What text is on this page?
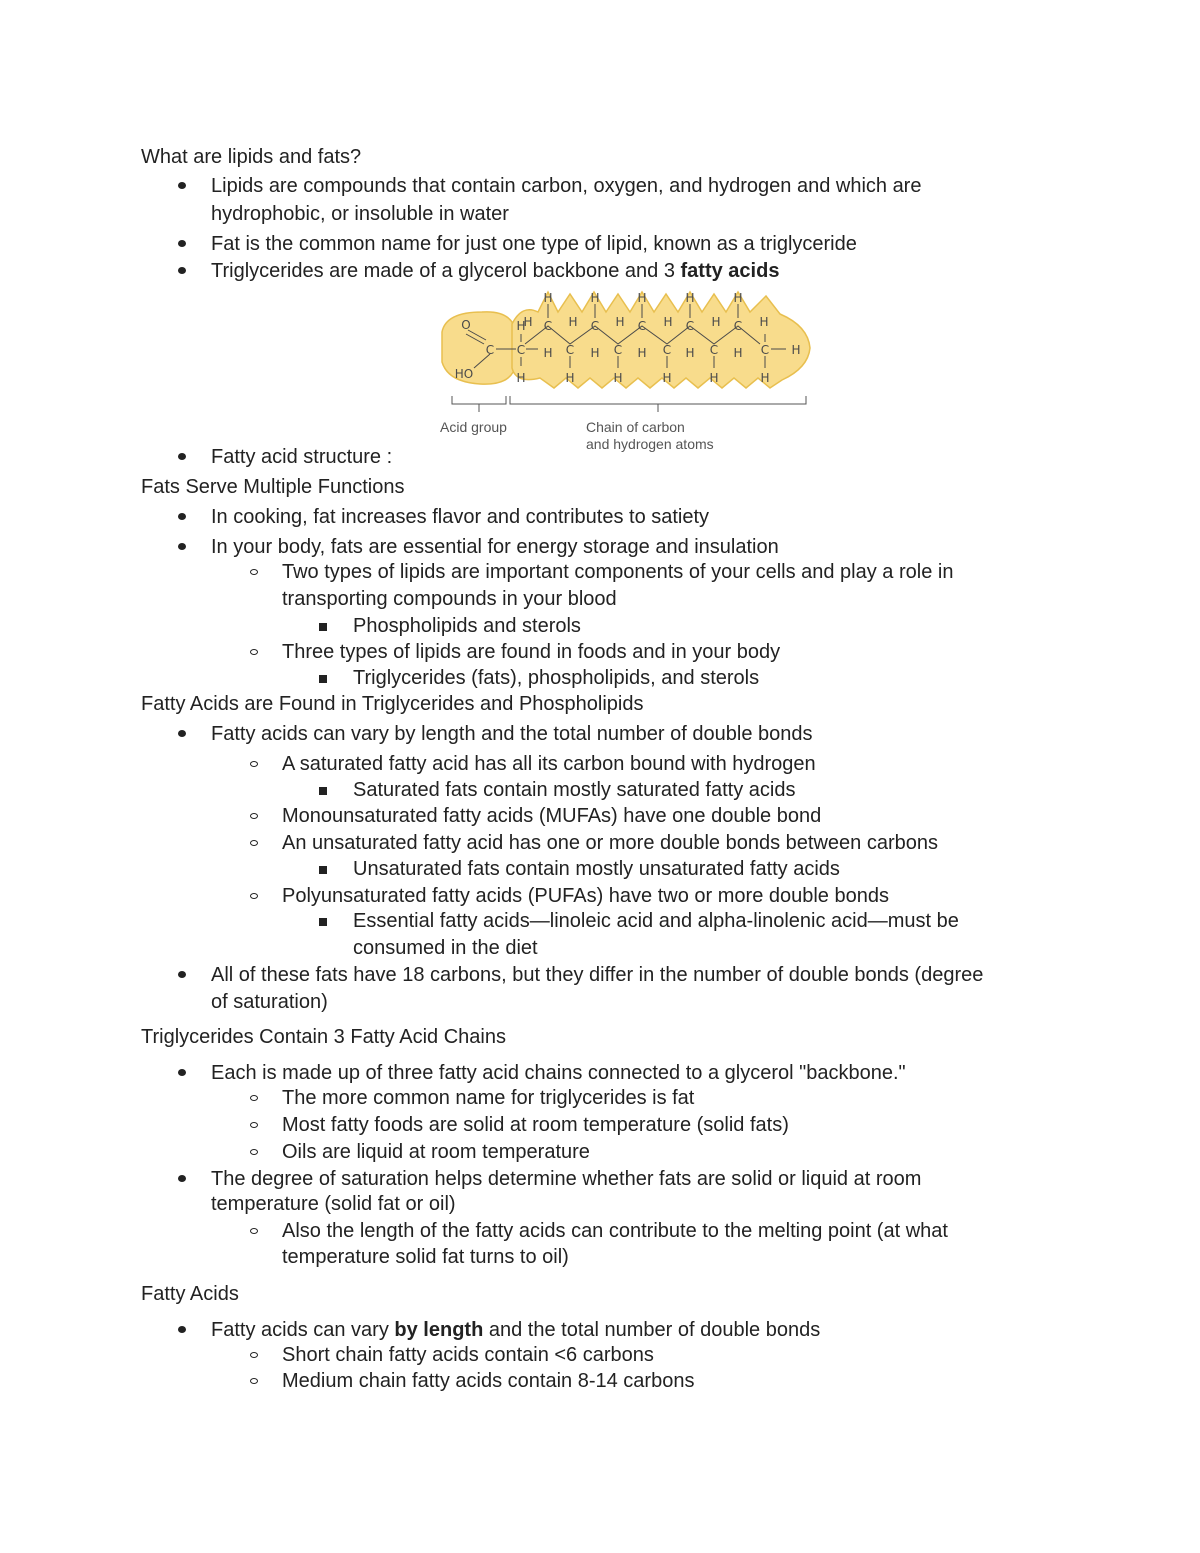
What are lipids and fats?
Lipids are compounds that contain carbon, oxygen, and hydrogen and which are
hydrophobic, or insoluble in water
Fat is the common name for just one type of lipid, known as a triglyceride
Triglycerides are made of a glycerol backbone and 3 fatty acids
O
C
HO
C
H
H
H	H	H	H	H
C	C	C	C	C
H	H	H	H	H	H
C	C	C	C	C
H	H	H	H	H
H	H	H	H	H
H
Acid group	Chain of carbon
and hydrogen atoms
Fatty acid structure :
Fats Serve Multiple Functions
In cooking, fat increases flavor and contributes to satiety
In your body, fats are essential for energy storage and insulation
Two types of lipids are important components of your cells and play a role in
transporting compounds in your blood
Phospholipids and sterols
Three types of lipids are found in foods and in your body
Triglycerides (fats), phospholipids, and sterols
Fatty Acids are Found in Triglycerides and Phospholipids
Fatty acids can vary by length and the total number of double bonds
A saturated fatty acid has all its carbon bound with hydrogen
Saturated fats contain mostly saturated fatty acids
Monounsaturated fatty acids (MUFAs) have one double bond
An unsaturated fatty acid has one or more double bonds between carbons
Unsaturated fats contain mostly unsaturated fatty acids
Polyunsaturated fatty acids (PUFAs) have two or more double bonds
Essential fatty acids—linoleic acid and alpha-linolenic acid—must be
consumed in the diet
All of these fats have 18 carbons, but they differ in the number of double bonds (degree
of saturation)
Triglycerides Contain 3 Fatty Acid Chains
Each is made up of three fatty acid chains connected to a glycerol "backbone."
The more common name for triglycerides is fat
Most fatty foods are solid at room temperature (solid fats)
Oils are liquid at room temperature
The degree of saturation helps determine whether fats are solid or liquid at room
temperature (solid fat or oil)
Also the length of the fatty acids can contribute to the melting point (at what
temperature solid fat turns to oil)
Fatty Acids
Fatty acids can vary by length and the total number of double bonds
Short chain fatty acids contain <6 carbons
Medium chain fatty acids contain 8-14 carbons
